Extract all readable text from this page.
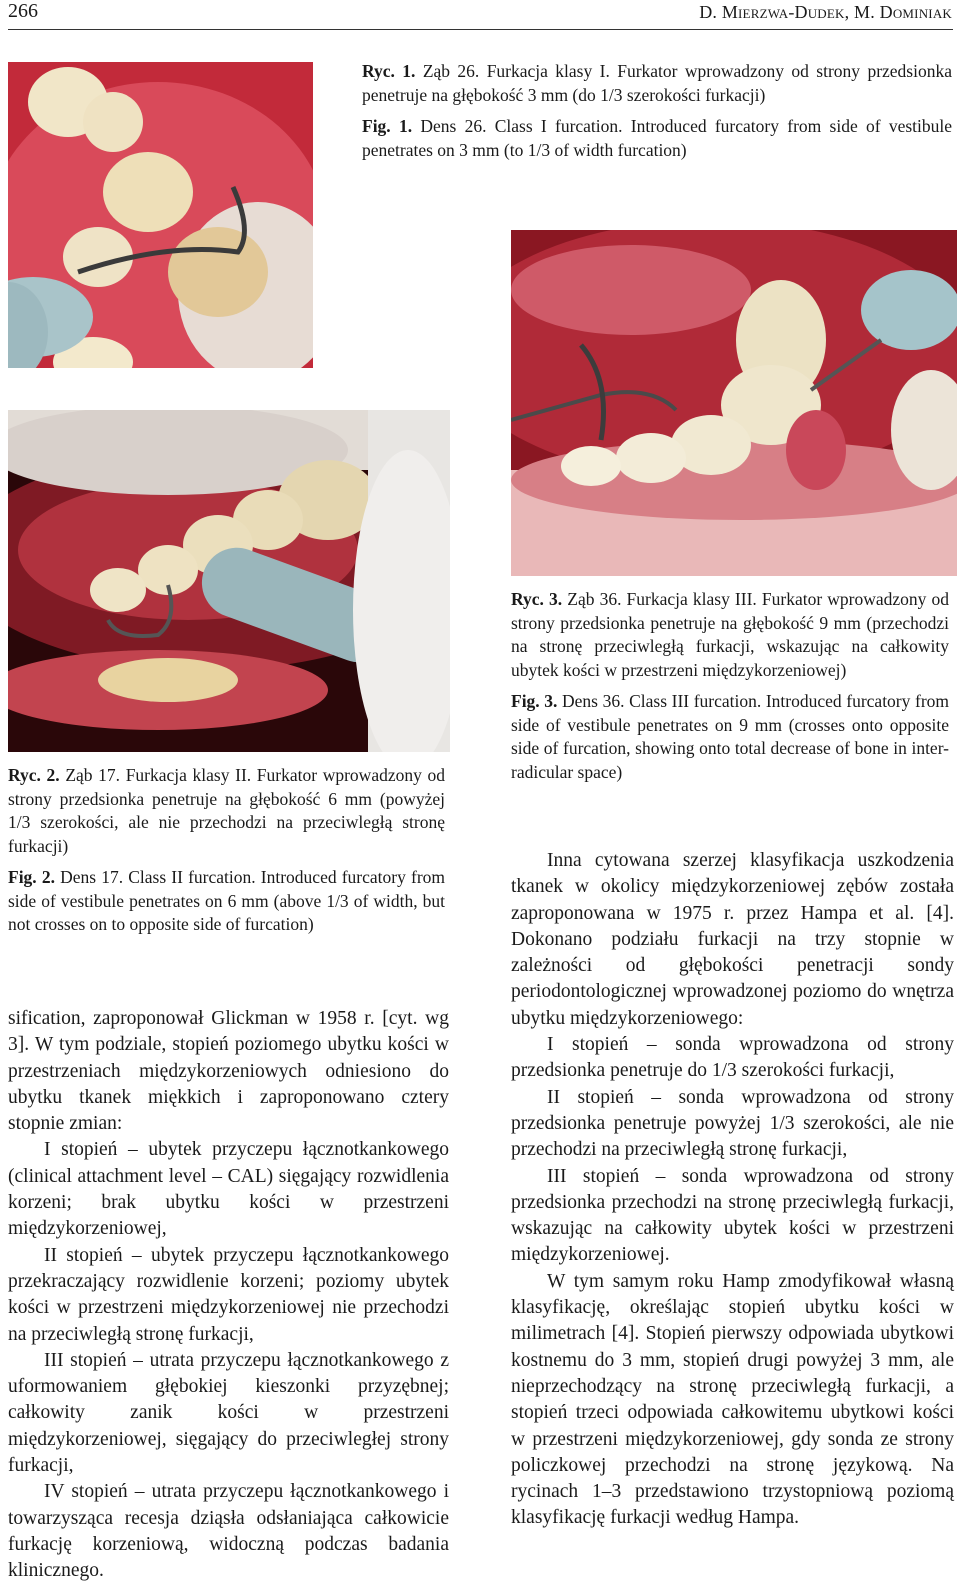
266	D. Mierzwa-Dudek, M. Dominiak

Ryc. 1. Ząb 26. Furkacja klasy I. Furkator wprowadzony od strony przedsionka penetruje na głębokość 3 mm (do 1/3 szerokości furkacji)

Fig. 1. Dens 26. Class I furcation. Introduced furcatory from side of vestibule penetrates on 3 mm (to 1/3 of width furcation)

Ryc. 3. Ząb 36. Furkacja klasy III. Furkator wprowadzony od strony przedsionka penetruje na głębokość 9 mm (przechodzi na stronę przeciwległą furkacji, wskazując na całkowity ubytek kości w przestrzeni międzykorzeniowej)

Fig. 3. Dens 36. Class III furcation. Introduced furcatory from side of vestibule penetrates on 9 mm (crosses onto opposite side of furcation, showing onto total decrease of bone in inter-radicular space)

Ryc. 2. Ząb 17. Furkacja klasy II. Furkator wprowadzony od strony przedsionka penetruje na głębokość 6 mm (powyżej 1/3 szerokości, ale nie przechodzi na przeciwległą stronę furkacji)

Fig. 2. Dens 17. Class II furcation. Introduced furcatory from side of vestibule penetrates on 6 mm (above 1/3 of width, but not crosses on to opposite side of furcation)

sification, zaproponował Glickman w 1958 r. [cyt. wg 3]. W tym podziale, stopień poziomego ubytku kości w przestrzeniach międzykorzeniowych odniesiono do ubytku tkanek miękkich i zaproponowano cztery stopnie zmian:

I stopień – ubytek przyczepu łącznotkankowego (clinical attachment level – CAL) sięgający rozwidlenia korzeni; brak ubytku kości w przestrzeni międzykorzeniowej,

II stopień – ubytek przyczepu łącznotkankowego przekraczający rozwidlenie korzeni; poziomy ubytek kości w przestrzeni międzykorzeniowej nie przechodzi na przeciwległą stronę furkacji,

III stopień – utrata przyczepu łącznotkankowego z uformowaniem głębokiej kieszonki przyzębnej; całkowity zanik kości w przestrzeni międzykorzeniowej, sięgający do przeciwległej strony furkacji,

IV stopień – utrata przyczepu łącznotkankowego i towarzysząca recesja dziąsła odsłaniająca całkowicie furkację korzeniową, widoczną podczas badania klinicznego.

Inna cytowana szerzej klasyfikacja uszkodzenia tkanek w okolicy międzykorzeniowej zębów została zaproponowana w 1975 r. przez Hampa et al. [4]. Dokonano podziału furkacji na trzy stopnie w zależności od głębokości penetracji sondy periodontologicznej wprowadzonej poziomo do wnętrza ubytku międzykorzeniowego:

I stopień – sonda wprowadzona od strony przedsionka penetruje do 1/3 szerokości furkacji,

II stopień – sonda wprowadzona od strony przedsionka penetruje powyżej 1/3 szerokości, ale nie przechodzi na przeciwległą stronę furkacji,

III stopień – sonda wprowadzona od strony przedsionka przechodzi na stronę przeciwległą furkacji, wskazując na całkowity ubytek kości w przestrzeni międzykorzeniowej.

W tym samym roku Hamp zmodyfikował własną klasyfikację, określając stopień ubytku kości w milimetrach [4]. Stopień pierwszy odpowiada ubytkowi kostnemu do 3 mm, stopień drugi powyżej 3 mm, ale nieprzechodzący na stronę przeciwległą furkacji, a stopień trzeci odpowiada całkowitemu ubytkowi kości w przestrzeni międzykorzeniowej, gdy sonda ze strony policzkowej przechodzi na stronę językową. Na rycinach 1–3 przedstawiono trzystopniową poziomą klasyfikację furkacji według Hampa.
